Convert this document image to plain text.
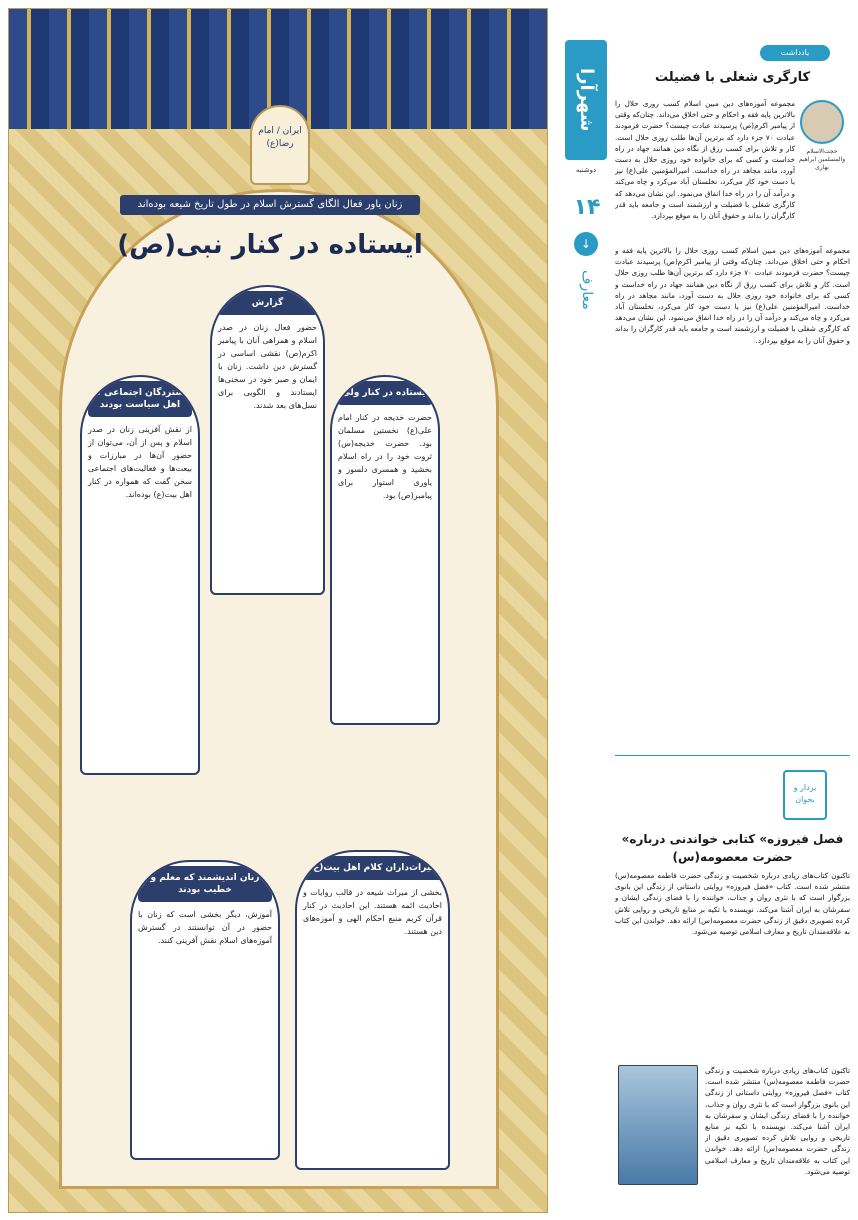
ایران / امام رضا(ع)
زنان یاور فعال الگای گسترش اسلام در طول تاریخ شیعه بوده‌اند
ایستاده در کنار نبی(ص)
گزارش

حضور فعال زنان در صدر اسلام و همراهی آنان با پیامبر اکرم(ص) نقشی اساسی در گسترش دین داشت. زنان با ایمان و صبر خود در سختی‌ها ایستادند و الگویی برای نسل‌های بعد شدند.

ایستاده در کنار ولی

حضرت خدیجه در کنار امام علی(ع) نخستین مسلمان بود. حضرت خدیجه(س) ثروت خود را در راه اسلام بخشید و همسری دلسوز و یاوری استوار برای پیامبر(ص) بود.

گستردگان اجتماعی که اهل سیاست بودند

از نقش آفرینی زنان در صدر اسلام و پس از آن، می‌توان از حضور آن‌ها در مبارزات و بیعت‌ها و فعالیت‌های اجتماعی سخن گفت که همواره در کنار اهل بیت(ع) بوده‌اند.

زنان اندیشمند که معلم و خطیب بودند

آموزش، دیگر بخشی است که زنان با حضور در آن توانستند در گسترش آموزه‌های اسلام نقش آفرینی کنند.

میراث‌داران کلام اهل بیت(ع)

بخشی از میراث شیعه در قالب روایات و احادیث ائمه هستند. این احادیث در کنار قرآن کریم منبع احکام الهی و آموزه‌های دین هستند.

شهرآرا
دوشنبه
۱۴
↓
معارف
یادداشت
کارگری شغلی با فضیلت
حجت‌الاسلام والمسلمین ابراهیم بهاری
مجموعه آموزه‌های دین مبین اسلام کسب روزی حلال را بالاترین پایه فقه و احکام و حتی اخلاق می‌داند. چنان‌که وقتی از پیامبر اکرم(ص) پرسیدند عبادت چیست؟ حضرت فرمودند عبادت ۷۰ جزء دارد که برترین آن‌ها طلب روزی حلال است. کار و تلاش برای کسب رزق از نگاه دین همانند جهاد در راه خداست و کسی که برای خانواده خود روزی حلال به دست آورد، مانند مجاهد در راه خداست. امیرالمؤمنین علی(ع) نیز با دست خود کار می‌کرد، نخلستان آباد می‌کرد و چاه می‌کند و درآمد آن را در راه خدا انفاق می‌نمود. این نشان می‌دهد که کارگری شغلی با فضیلت و ارزشمند است و جامعه باید قدر کارگران را بداند و حقوق آنان را به موقع بپردازد.
مجموعه آموزه‌های دین مبین اسلام کسب روزی حلال را بالاترین پایه فقه و احکام و حتی اخلاق می‌داند. چنان‌که وقتی از پیامبر اکرم(ص) پرسیدند عبادت چیست؟ حضرت فرمودند عبادت ۷۰ جزء دارد که برترین آن‌ها طلب روزی حلال است. کار و تلاش برای کسب رزق از نگاه دین همانند جهاد در راه خداست و کسی که برای خانواده خود روزی حلال به دست آورد، مانند مجاهد در راه خداست. امیرالمؤمنین علی(ع) نیز با دست خود کار می‌کرد، نخلستان آباد می‌کرد و چاه می‌کند و درآمد آن را در راه خدا انفاق می‌نمود. این نشان می‌دهد که کارگری شغلی با فضیلت و ارزشمند است و جامعه باید قدر کارگران را بداند و حقوق آنان را به موقع بپردازد.
بردار و بخوان
«فصل فیروزه» کتابی خواندنی درباره حضرت معصومه(س)
تاکنون کتاب‌های زیادی درباره شخصیت و زندگی حضرت فاطمه معصومه(س) منتشر شده است. کتاب «فصل فیروزه» روایتی داستانی از زندگی این بانوی بزرگوار است که با نثری روان و جذاب، خواننده را با فضای زندگی ایشان و سفرشان به ایران آشنا می‌کند. نویسنده با تکیه بر منابع تاریخی و روایی تلاش کرده تصویری دقیق از زندگی حضرت معصومه(س) ارائه دهد. خواندن این کتاب به علاقه‌مندان تاریخ و معارف اسلامی توصیه می‌شود.
تاکنون کتاب‌های زیادی درباره شخصیت و زندگی حضرت فاطمه معصومه(س) منتشر شده است. کتاب «فصل فیروزه» روایتی داستانی از زندگی این بانوی بزرگوار است که با نثری روان و جذاب، خواننده را با فضای زندگی ایشان و سفرشان به ایران آشنا می‌کند. نویسنده با تکیه بر منابع تاریخی و روایی تلاش کرده تصویری دقیق از زندگی حضرت معصومه(س) ارائه دهد. خواندن این کتاب به علاقه‌مندان تاریخ و معارف اسلامی توصیه می‌شود.
